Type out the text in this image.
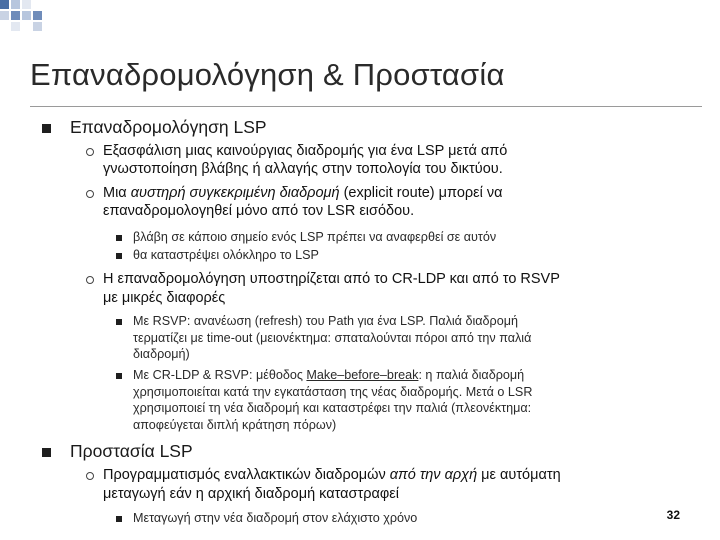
Επαναδρομολόγηση & Προστασία
Επαναδρομολόγηση LSP
Εξασφάλιση μιας καινούργιας διαδρομής για ένα LSP μετά από
γνωστοποίηση βλάβης ή αλλαγής στην τοπολογία του δικτύου.
Μια αυστηρή συγκεκριμένη διαδρομή (explicit route) μπορεί να
επαναδρομολογηθεί μόνο από τον LSR εισόδου.
βλάβη σε κάποιο σημείο ενός LSP πρέπει να αναφερθεί σε αυτόν
θα καταστρέψει ολόκληρο το LSP
Η επαναδρομολόγηση υποστηρίζεται από το CR-LDP και από το RSVP
με μικρές διαφορές
Με RSVP: ανανέωση (refresh) του Path για ένα LSP. Παλιά διαδρομή
τερματίζει με time-out (μειονέκτημα: σπαταλούνται πόροι από την παλιά
διαδρομή)
Με CR-LDP & RSVP: μέθοδος Make–before–break: η παλιά διαδρομή
χρησιμοποιείται κατά την εγκατάσταση της νέας διαδρομής. Μετά ο LSR
χρησιμοποιεί τη νέα διαδρομή και καταστρέφει την παλιά (πλεονέκτημα:
αποφεύγεται διπλή κράτηση πόρων)
Προστασία LSP
Προγραμματισμός εναλλακτικών διαδρομών από την αρχή με αυτόματη
μεταγωγή εάν η αρχική διαδρομή καταστραφεί
Μεταγωγή στην νέα διαδρομή στον ελάχιστο χρόνο	32
